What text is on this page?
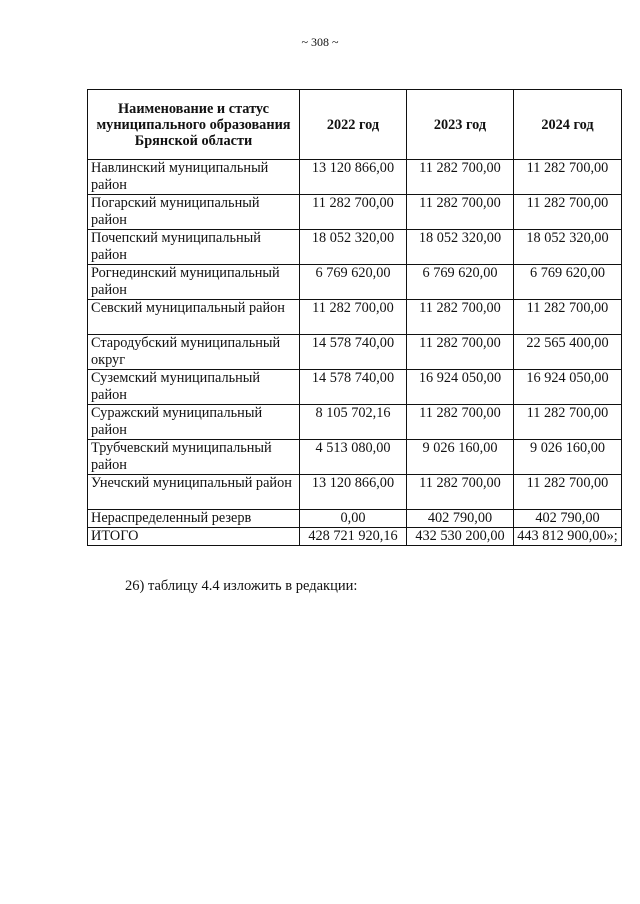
~ 308 ~
Наименование и статус муниципального образования Брянской области	2022 год	2023 год	2024 год
Навлинский муниципальный район	13 120 866,00	11 282 700,00	11 282 700,00
Погарский муниципальный район	11 282 700,00	11 282 700,00	11 282 700,00
Почепский муниципальный район	18 052 320,00	18 052 320,00	18 052 320,00
Рогнединский муниципальный район	6 769 620,00	6 769 620,00	6 769 620,00
Севский муниципальный район	11 282 700,00	11 282 700,00	11 282 700,00
Стародубский муниципальный округ	14 578 740,00	11 282 700,00	22 565 400,00
Суземский муниципальный район	14 578 740,00	16 924 050,00	16 924 050,00
Суражский муниципальный район	8 105 702,16	11 282 700,00	11 282 700,00
Трубчевский муниципальный район	4 513 080,00	9 026 160,00	9 026 160,00
Унечский муниципальный район	13 120 866,00	11 282 700,00	11 282 700,00
Нераспределенный резерв	0,00	402 790,00	402 790,00
ИТОГО	428 721 920,16	432 530 200,00	443 812 900,00»;
26) таблицу 4.4 изложить в редакции:
